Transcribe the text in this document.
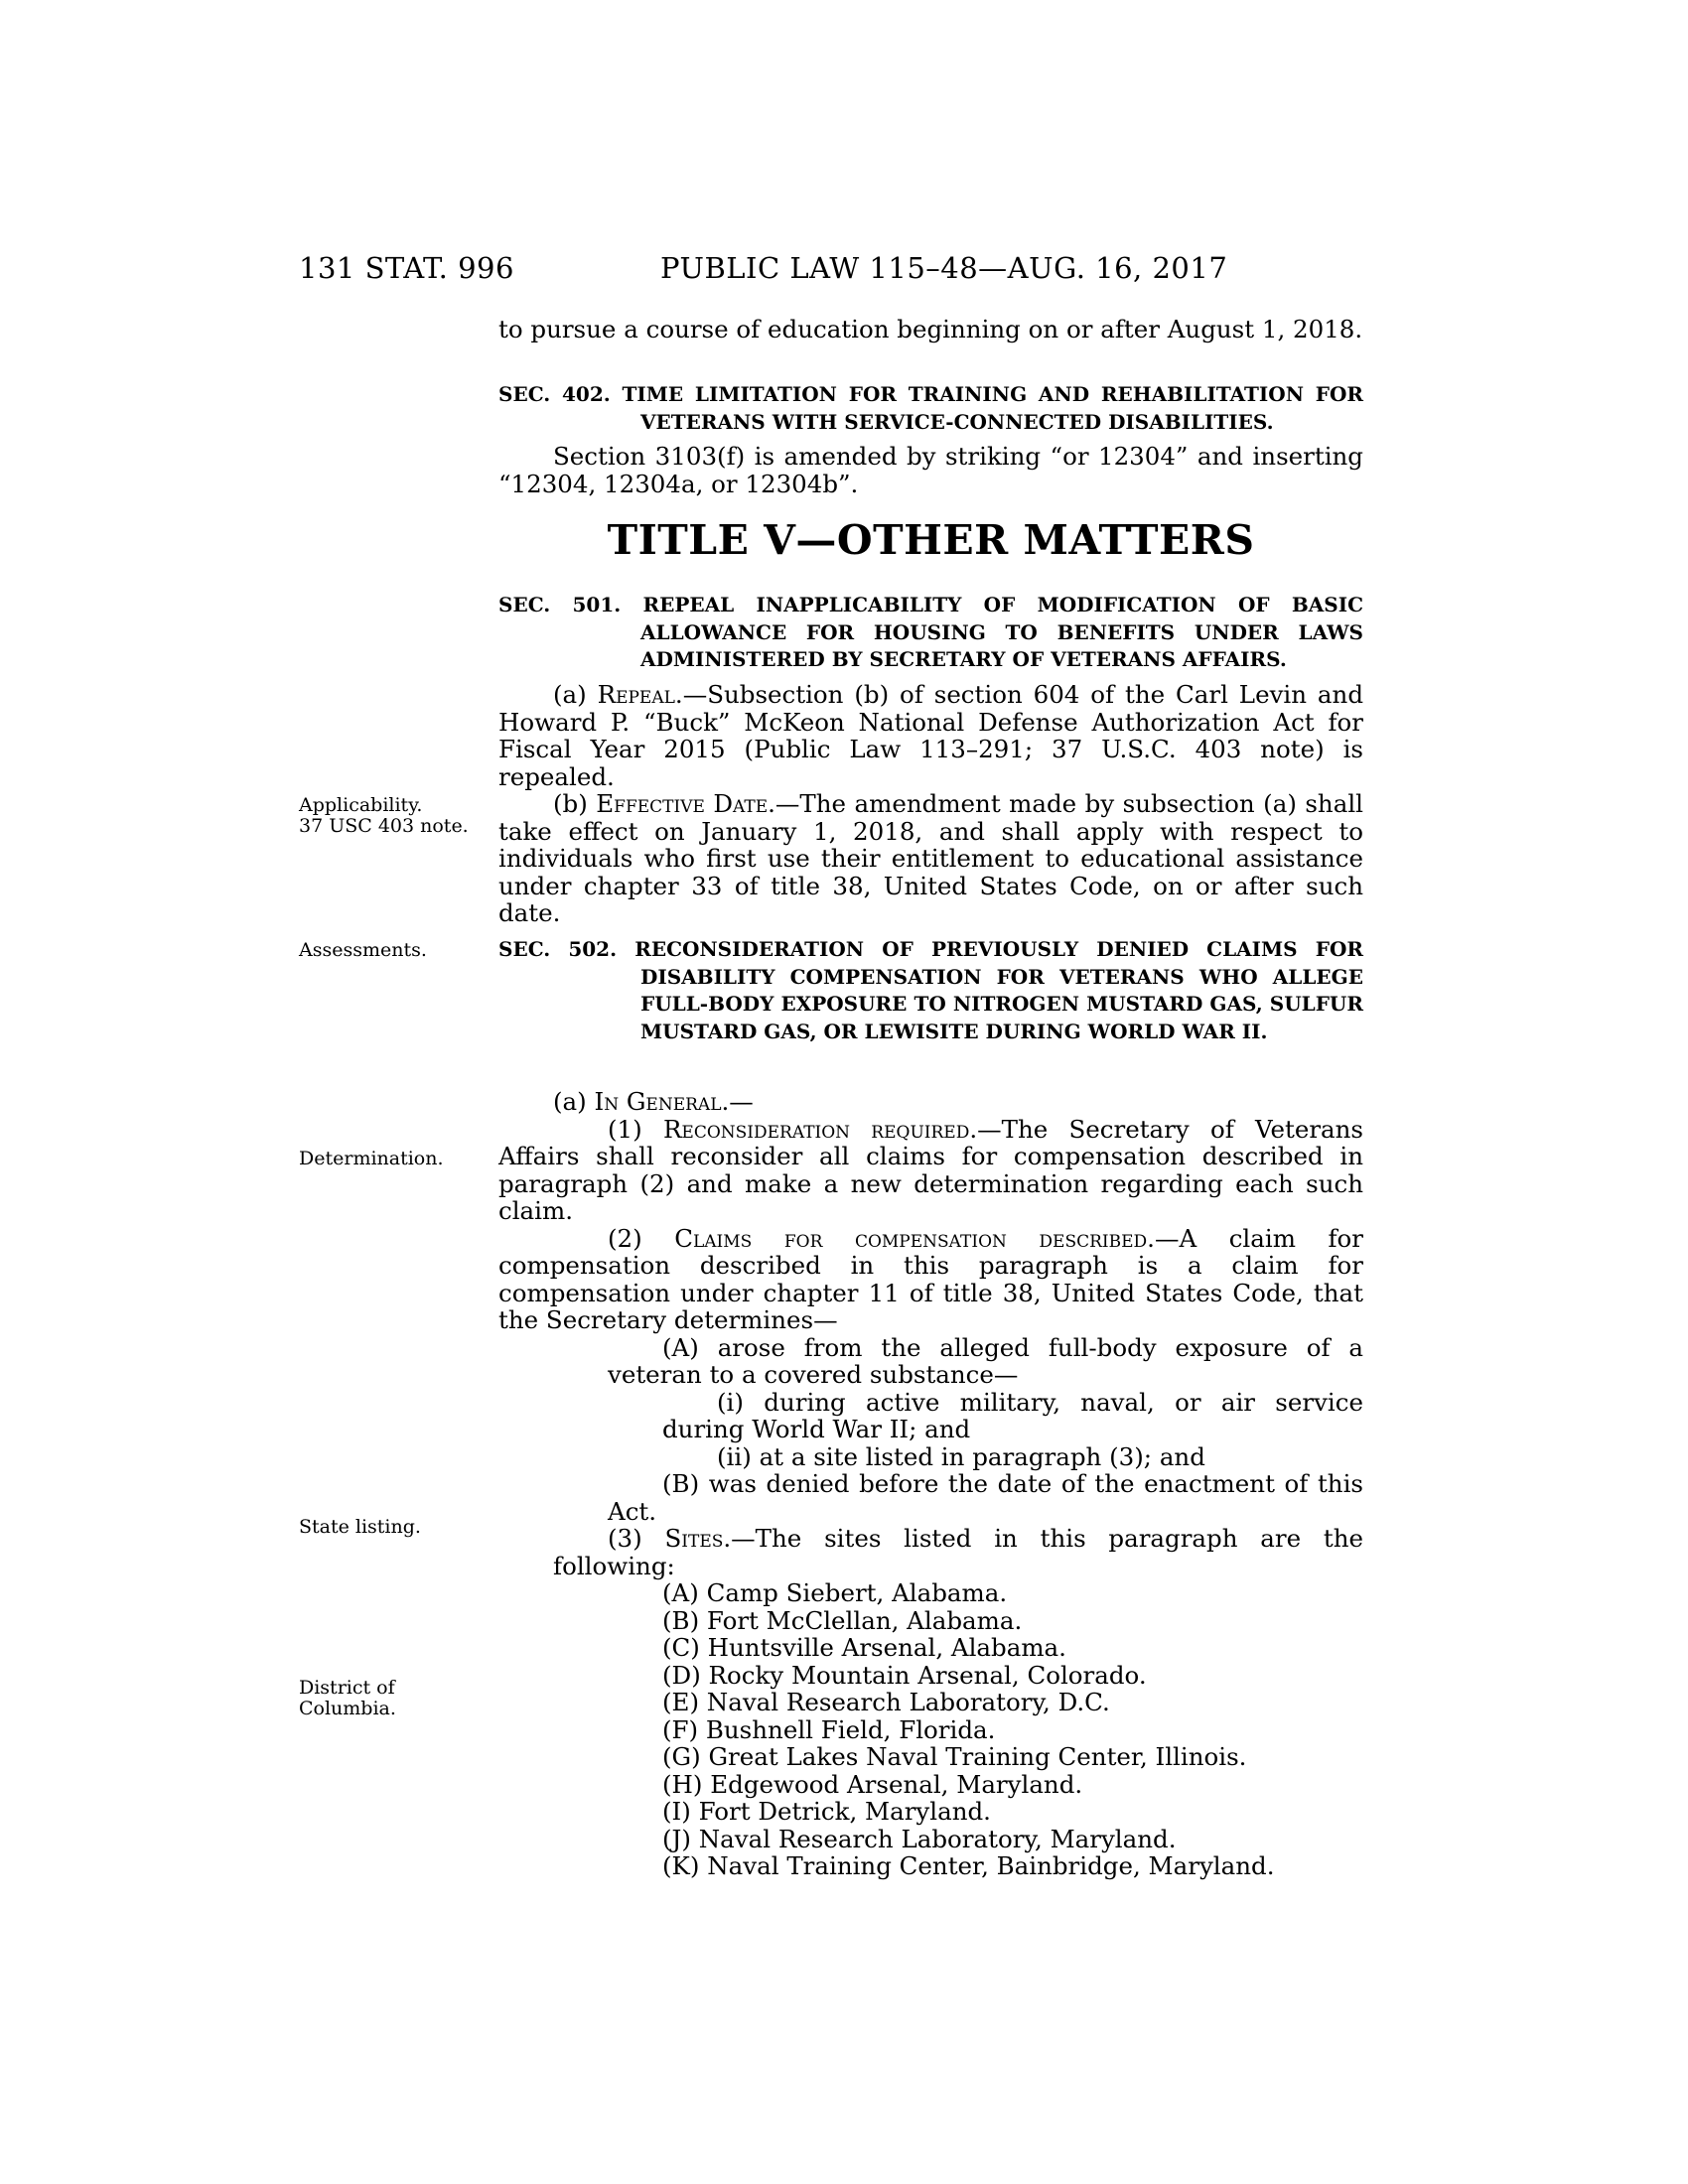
131 STAT. 996	PUBLIC LAW 115–48—AUG. 16, 2017

to pursue a course of education beginning on or after August 1, 2018.

SEC. 402. TIME LIMITATION FOR TRAINING AND REHABILITATION FOR VETERANS WITH SERVICE-CONNECTED DISABILITIES.

Section 3103(f) is amended by striking “or 12304” and inserting “12304, 12304a, or 12304b”.

TITLE V—OTHER MATTERS
SEC. 501. REPEAL INAPPLICABILITY OF MODIFICATION OF BASIC ALLOWANCE FOR HOUSING TO BENEFITS UNDER LAWS ADMINISTERED BY SECRETARY OF VETERANS AFFAIRS.

(a) Repeal.—Subsection (b) of section 604 of the Carl Levin and Howard P. “Buck” McKeon National Defense Authorization Act for Fiscal Year 2015 (Public Law 113–291; 37 U.S.C. 403 note) is repealed.

(b) Effective Date.—The amendment made by subsection (a) shall take effect on January 1, 2018, and shall apply with respect to individuals who first use their entitlement to educational assistance under chapter 33 of title 38, United States Code, on or after such date.

Applicability.
37 USC 403 note.
Assessments.
Determination.
State listing.
District of
Columbia.
SEC. 502. RECONSIDERATION OF PREVIOUSLY DENIED CLAIMS FOR DISABILITY COMPENSATION FOR VETERANS WHO ALLEGE FULL-BODY EXPOSURE TO NITROGEN MUSTARD GAS, SULFUR MUSTARD GAS, OR LEWISITE DURING WORLD WAR II.

(a) In General.—

(1) Reconsideration required.—The Secretary of Veterans Affairs shall reconsider all claims for compensation described in paragraph (2) and make a new determination regarding each such claim.

(2) Claims for compensation described.—A claim for compensation described in this paragraph is a claim for compensation under chapter 11 of title 38, United States Code, that the Secretary determines—

(A) arose from the alleged full-body exposure of a veteran to a covered substance—

(i) during active military, naval, or air service during World War II; and

(ii) at a site listed in paragraph (3); and

(B) was denied before the date of the enactment of this Act.

(3) Sites.—The sites listed in this paragraph are the following:

(A) Camp Siebert, Alabama.

(B) Fort McClellan, Alabama.

(C) Huntsville Arsenal, Alabama.

(D) Rocky Mountain Arsenal, Colorado.

(E) Naval Research Laboratory, D.C.

(F) Bushnell Field, Florida.

(G) Great Lakes Naval Training Center, Illinois.

(H) Edgewood Arsenal, Maryland.

(I) Fort Detrick, Maryland.

(J) Naval Research Laboratory, Maryland.

(K) Naval Training Center, Bainbridge, Maryland.
